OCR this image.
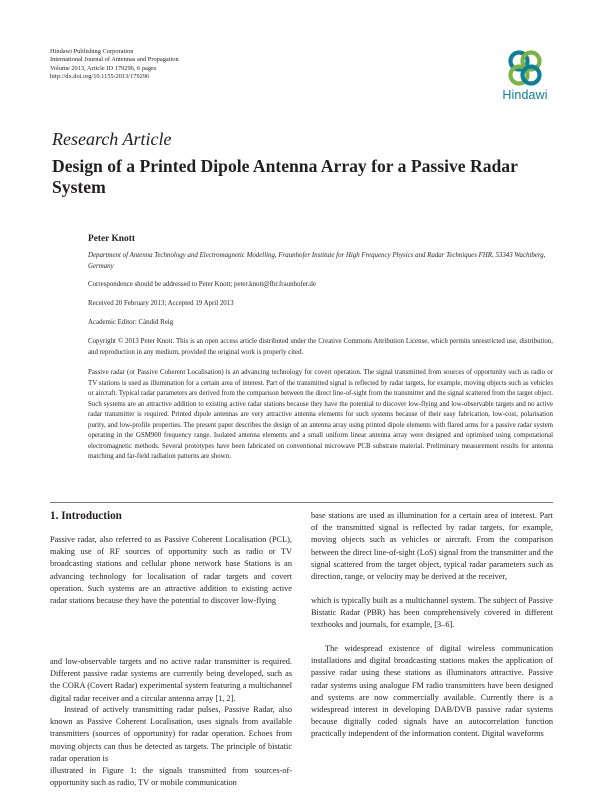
Hindawi Publishing Corporation
International Journal of Antennas and Propagation
Volume 2013, Article ID 179296, 6 pages
http://dx.doi.org/10.1155/2013/179296
Hindawi
Research Article
Design of a Printed Dipole Antenna Array for a Passive Radar System
Peter Knott
Department of Antenna Technology and Electromagnetic Modelling, Fraunhofer Institute for High Frequency Physics and Radar Techniques FHR, 53343 Wachtberg, Germany
Correspondence should be addressed to Peter Knott; peter.knott@fhr.fraunhofer.de
Received 20 February 2013; Accepted 19 April 2013
Academic Editor: Càndid Reig
Copyright © 2013 Peter Knott. This is an open access article distributed under the Creative Commons Attribution License, which permits unrestricted use, distribution, and reproduction in any medium, provided the original work is properly cited.
Passive radar (or Passive Coherent Localisation) is an advancing technology for covert operation. The signal transmitted from sources of opportunity such as radio or TV stations is used as illumination for a certain area of interest. Part of the transmitted signal is reflected by radar targets, for example, moving objects such as vehicles or aircraft. Typical radar parameters are derived from the comparison between the direct line-of-sight from the transmitter and the signal scattered from the target object. Such systems are an attractive addition to existing active radar stations because they have the potential to discover low-flying and low-observable targets and no active radar transmitter is required. Printed dipole antennas are very attractive antenna elements for such systems because of their easy fabrication, low-cost, polarisation purity, and low-profile properties. The present paper describes the design of an antenna array using printed dipole elements with flared arms for a passive radar system operating in the GSM900 frequency range. Isolated antenna elements and a small uniform linear antenna array were designed and optimised using computational electromagnetic methods. Several prototypes have been fabricated on conventional microwave PCB substrate material. Preliminary measurement results for antenna matching and far-field radiation patterns are shown.
1. Introduction

Passive radar, also referred to as Passive Coherent Localisation (PCL), making use of RF sources of opportunity such as radio or TV broadcasting stations and cellular phone network base Stations is an advancing technology for localisation of radar targets and covert operation. Such systems are an attractive addition to existing active radar stations because they have the potential to discover low-flying

and low-observable targets and no active radar transmitter is required. Different passive radar systems are currently being developed, such as the CORA (Covert Radar) experimental system featuring a multichannel digital radar receiver and a circular antenna array [1, 2].

Instead of actively transmitting radar pulses, Passive Radar, also known as Passive Coherent Localisation, uses signals from available transmitters (sources of opportunity) for radar operation. Echoes from moving objects can thus be detected as targets. The principle of bistatic radar operation is

illustrated in Figure 1: the signals transmitted from sources-of-opportunity such as radio, TV or mobile communication

base stations are used as illumination for a certain area of interest. Part of the transmitted signal is reflected by radar targets, for example, moving objects such as vehicles or aircraft. From the comparison between the direct line-of-sight (LoS) signal from the transmitter and the signal scattered from the target object, typical radar parameters such as direction, range, or velocity may be derived at the receiver,

which is typically built as a multichannel system. The subject of Passive Bistatic Radar (PBR) has been comprehensively covered in different textbooks and journals, for example, [3–6].

The widespread existence of digital wireless communication installations and digital broadcasting stations makes the application of passive radar using these stations as illuminators attractive. Passive radar systems using analogue FM radio transmitters have been designed and systems are now commercially available. Currently there is a widespread interest in developing DAB/DVB passive radar systems because digitally coded signals have an autocorrelation function practically independent of the information content. Digital waveforms
